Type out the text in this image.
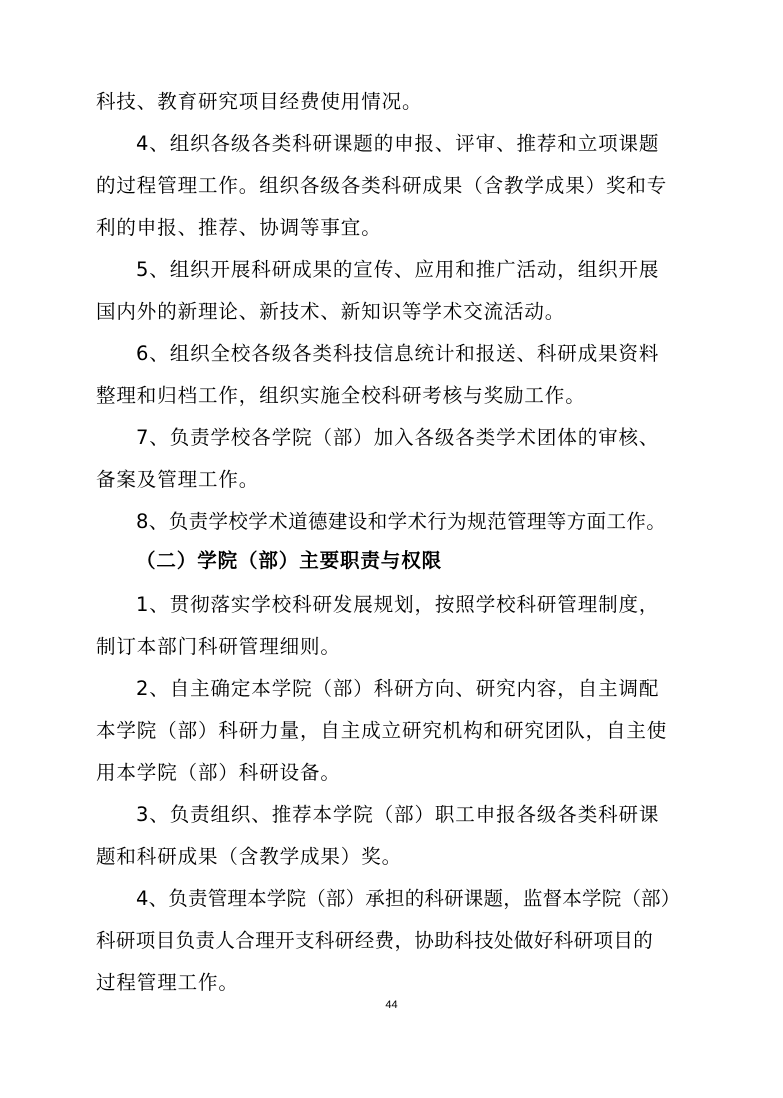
科技、教育研究项目经费使用情况。
4、组织各级各类科研课题的申报、评审、推荐和立项课题
的过程管理工作。组织各级各类科研成果（含教学成果）奖和专
利的申报、推荐、协调等事宜。
5、组织开展科研成果的宣传、应用和推广活动，组织开展
国内外的新理论、新技术、新知识等学术交流活动。
6、组织全校各级各类科技信息统计和报送、科研成果资料
整理和归档工作，组织实施全校科研考核与奖励工作。
7、负责学校各学院（部）加入各级各类学术团体的审核、
备案及管理工作。
8、负责学校学术道德建设和学术行为规范管理等方面工作。
（二）学院（部）主要职责与权限
1、贯彻落实学校科研发展规划，按照学校科研管理制度，
制订本部门科研管理细则。
2、自主确定本学院（部）科研方向、研究内容，自主调配
本学院（部）科研力量，自主成立研究机构和研究团队，自主使
用本学院（部）科研设备。
3、负责组织、推荐本学院（部）职工申报各级各类科研课
题和科研成果（含教学成果）奖。
4、负责管理本学院（部）承担的科研课题，监督本学院（部）
科研项目负责人合理开支科研经费，协助科技处做好科研项目的
过程管理工作。
44
